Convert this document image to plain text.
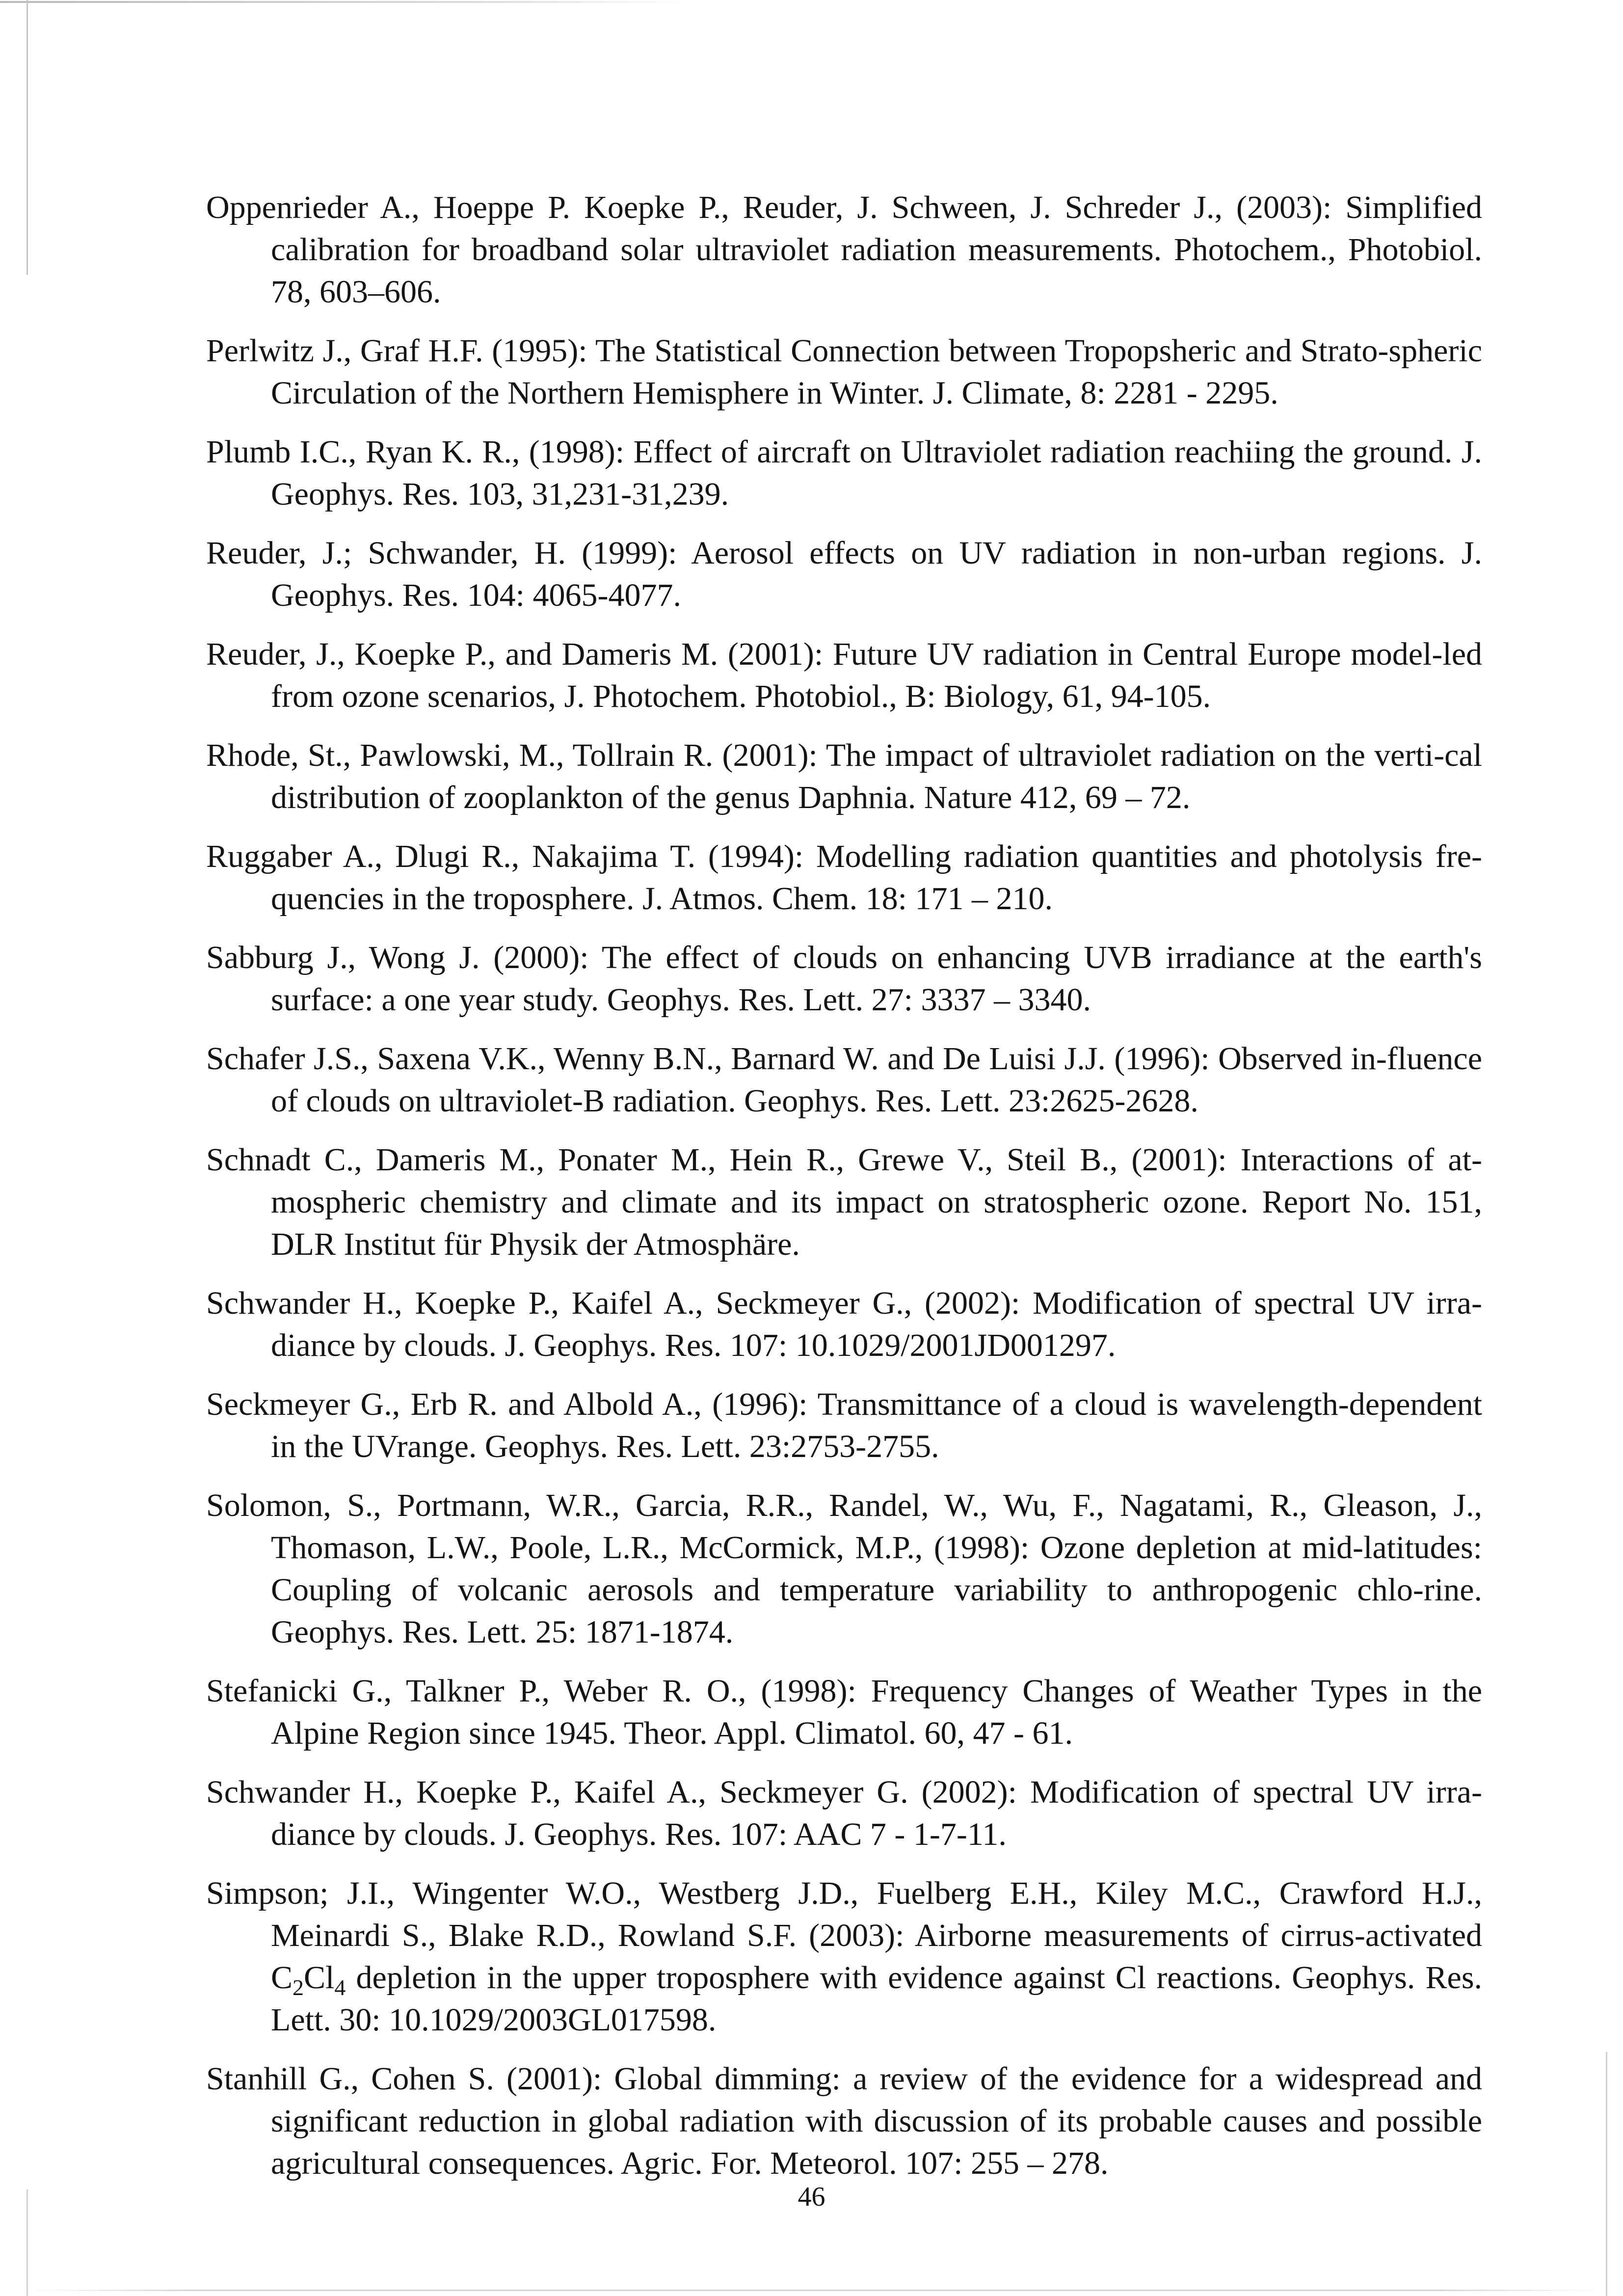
Oppenrieder A., Hoeppe P. Koepke P., Reuder, J. Schween, J. Schreder J., (2003): Simplified calibration for broadband solar ultraviolet radiation measurements. Photochem., Photobiol. 78, 603–606.
Perlwitz J., Graf H.F. (1995): The Statistical Connection between Tropopsheric and Strato-spheric Circulation of the Northern Hemisphere in Winter. J. Climate, 8: 2281 - 2295.
Plumb I.C., Ryan K. R., (1998): Effect of aircraft on Ultraviolet radiation reachiing the ground. J. Geophys. Res. 103, 31,231-31,239.
Reuder, J.; Schwander, H. (1999): Aerosol effects on UV radiation in non-urban regions. J. Geophys. Res. 104: 4065-4077.
Reuder, J., Koepke P., and Dameris M. (2001): Future UV radiation in Central Europe model-led from ozone scenarios, J. Photochem. Photobiol., B: Biology, 61, 94-105.
Rhode, St., Pawlowski, M., Tollrain R. (2001): The impact of ultraviolet radiation on the verti-cal distribution of zooplankton of the genus Daphnia. Nature 412, 69 – 72.
Ruggaber A., Dlugi R., Nakajima T. (1994): Modelling radiation quantities and photolysis fre-quencies in the troposphere. J. Atmos. Chem. 18: 171 – 210.
Sabburg J., Wong J. (2000): The effect of clouds on enhancing UVB irradiance at the earth's surface: a one year study. Geophys. Res. Lett. 27: 3337 – 3340.
Schafer J.S., Saxena V.K., Wenny B.N., Barnard W. and De Luisi J.J. (1996): Observed in-fluence of clouds on ultraviolet-B radiation. Geophys. Res. Lett. 23:2625-2628.
Schnadt C., Dameris M., Ponater M., Hein R., Grewe V., Steil B., (2001): Interactions of at-mospheric chemistry and climate and its impact on stratospheric ozone. Report No. 151, DLR Institut für Physik der Atmosphäre.
Schwander H., Koepke P., Kaifel A., Seckmeyer G., (2002): Modification of spectral UV irra-diance by clouds. J. Geophys. Res. 107: 10.1029/2001JD001297.
Seckmeyer G., Erb R. and Albold A., (1996): Transmittance of a cloud is wavelength-dependent in the UVrange. Geophys. Res. Lett. 23:2753-2755.
Solomon, S., Portmann, W.R., Garcia, R.R., Randel, W., Wu, F., Nagatami, R., Gleason, J., Thomason, L.W., Poole, L.R., McCormick, M.P., (1998): Ozone depletion at mid-latitudes: Coupling of volcanic aerosols and temperature variability to anthropogenic chlo-rine. Geophys. Res. Lett. 25: 1871-1874.
Stefanicki G., Talkner P., Weber R. O., (1998): Frequency Changes of Weather Types in the Alpine Region since 1945. Theor. Appl. Climatol. 60, 47 - 61.
Schwander H., Koepke P., Kaifel A., Seckmeyer G. (2002): Modification of spectral UV irra-diance by clouds. J. Geophys. Res. 107: AAC 7 - 1-7-11.
Simpson; J.I., Wingenter W.O., Westberg J.D., Fuelberg E.H., Kiley M.C., Crawford H.J., Meinardi S., Blake R.D., Rowland S.F. (2003): Airborne measurements of cirrus-activated $C_2Cl_4$ depletion in the upper troposphere with evidence against Cl reactions. Geophys. Res. Lett. 30: 10.1029/2003GL017598.
Stanhill G., Cohen S. (2001): Global dimming: a review of the evidence for a widespread and significant reduction in global radiation with discussion of its probable causes and possible agricultural consequences. Agric. For. Meteorol. 107: 255 – 278.
46
